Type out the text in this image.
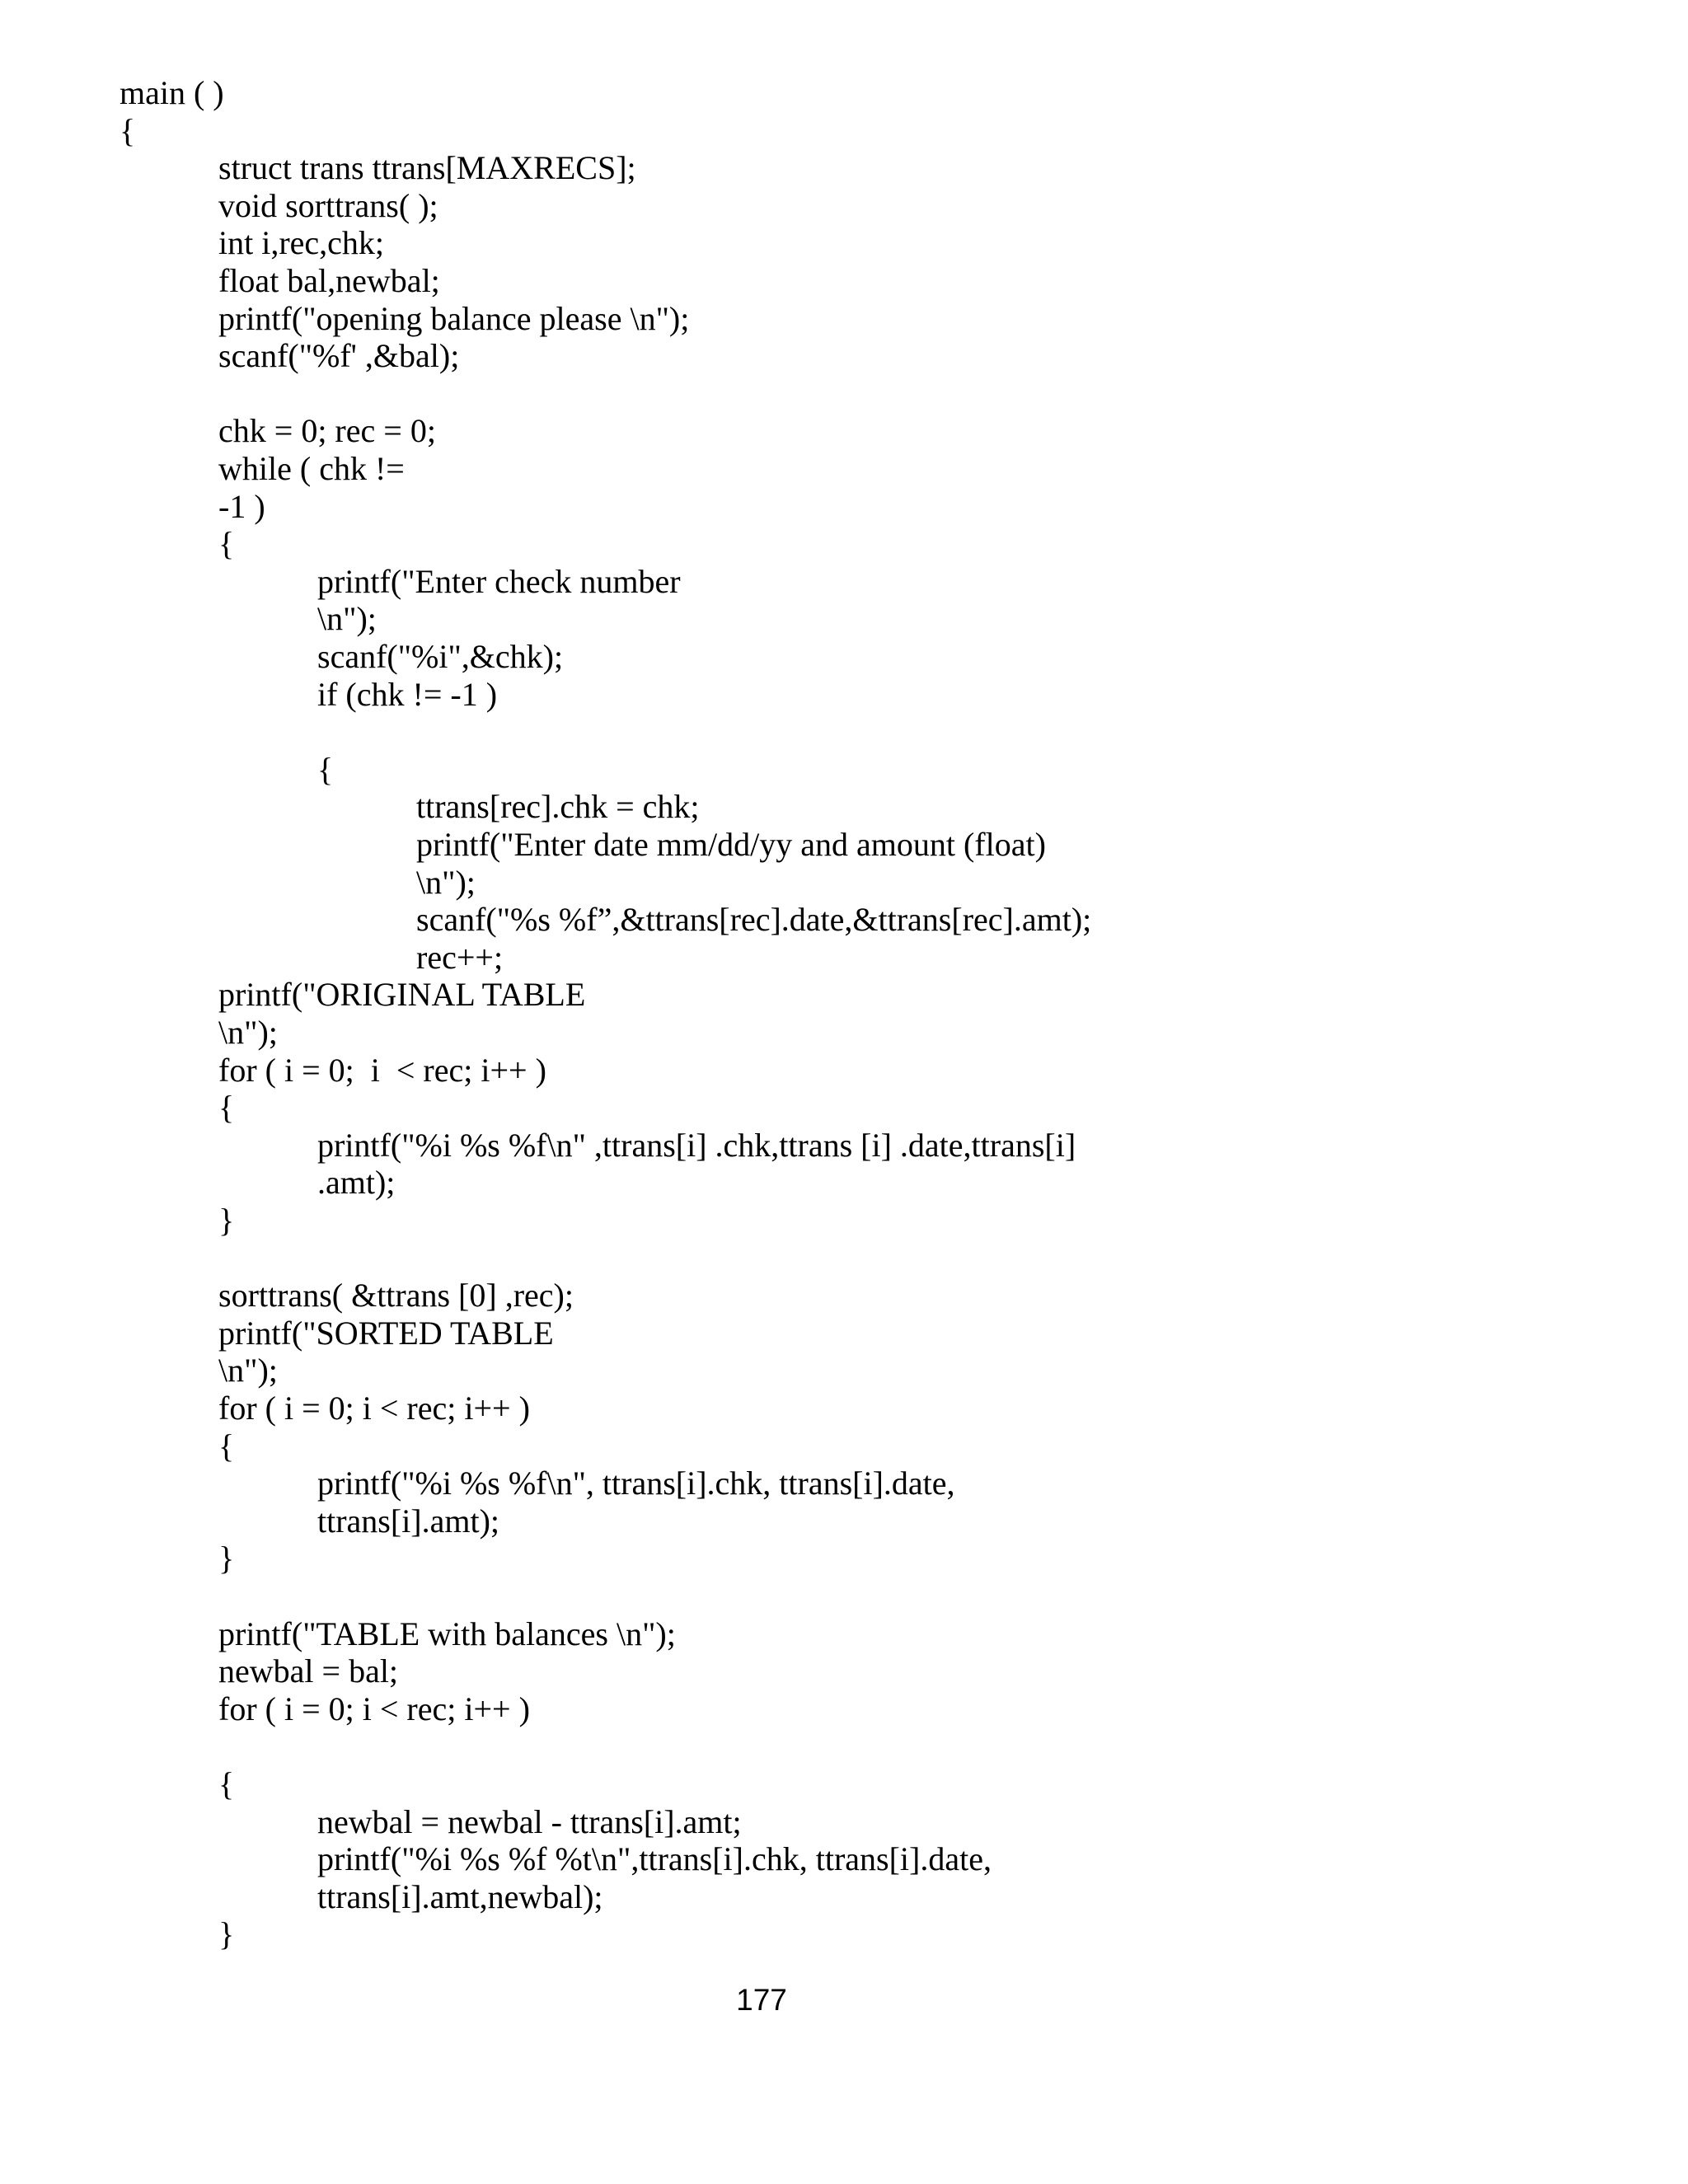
main ( )
{
struct trans ttrans[MAXRECS];
void sorttrans( );
int i,rec,chk;
float bal,newbal;
printf("opening balance please \n");
scanf("%f' ,&bal);
chk = 0; rec = 0;
while ( chk !=
-1 )
{
printf("Enter check number
\n");
scanf("%i",&chk);
if (chk != -1 )
{
ttrans[rec].chk = chk;
printf("Enter date mm/dd/yy and amount (float)
\n");
scanf("%s %f”,&ttrans[rec].date,&ttrans[rec].amt);
rec++;
printf("ORIGINAL TABLE
\n");
for ( i = 0;  i  < rec; i++ )
{
printf("%i %s %f\n" ,ttrans[i] .chk,ttrans [i] .date,ttrans[i]
.amt);
}
sorttrans( &ttrans [0] ,rec);
printf("SORTED TABLE
\n");
for ( i = 0; i < rec; i++ )
{
printf("%i %s %f\n", ttrans[i].chk, ttrans[i].date,
ttrans[i].amt);
}
printf("TABLE with balances \n");
newbal = bal;
for ( i = 0; i < rec; i++ )
{
newbal = newbal - ttrans[i].amt;
printf("%i %s %f %t\n",ttrans[i].chk, ttrans[i].date,
ttrans[i].amt,newbal);
}
177
